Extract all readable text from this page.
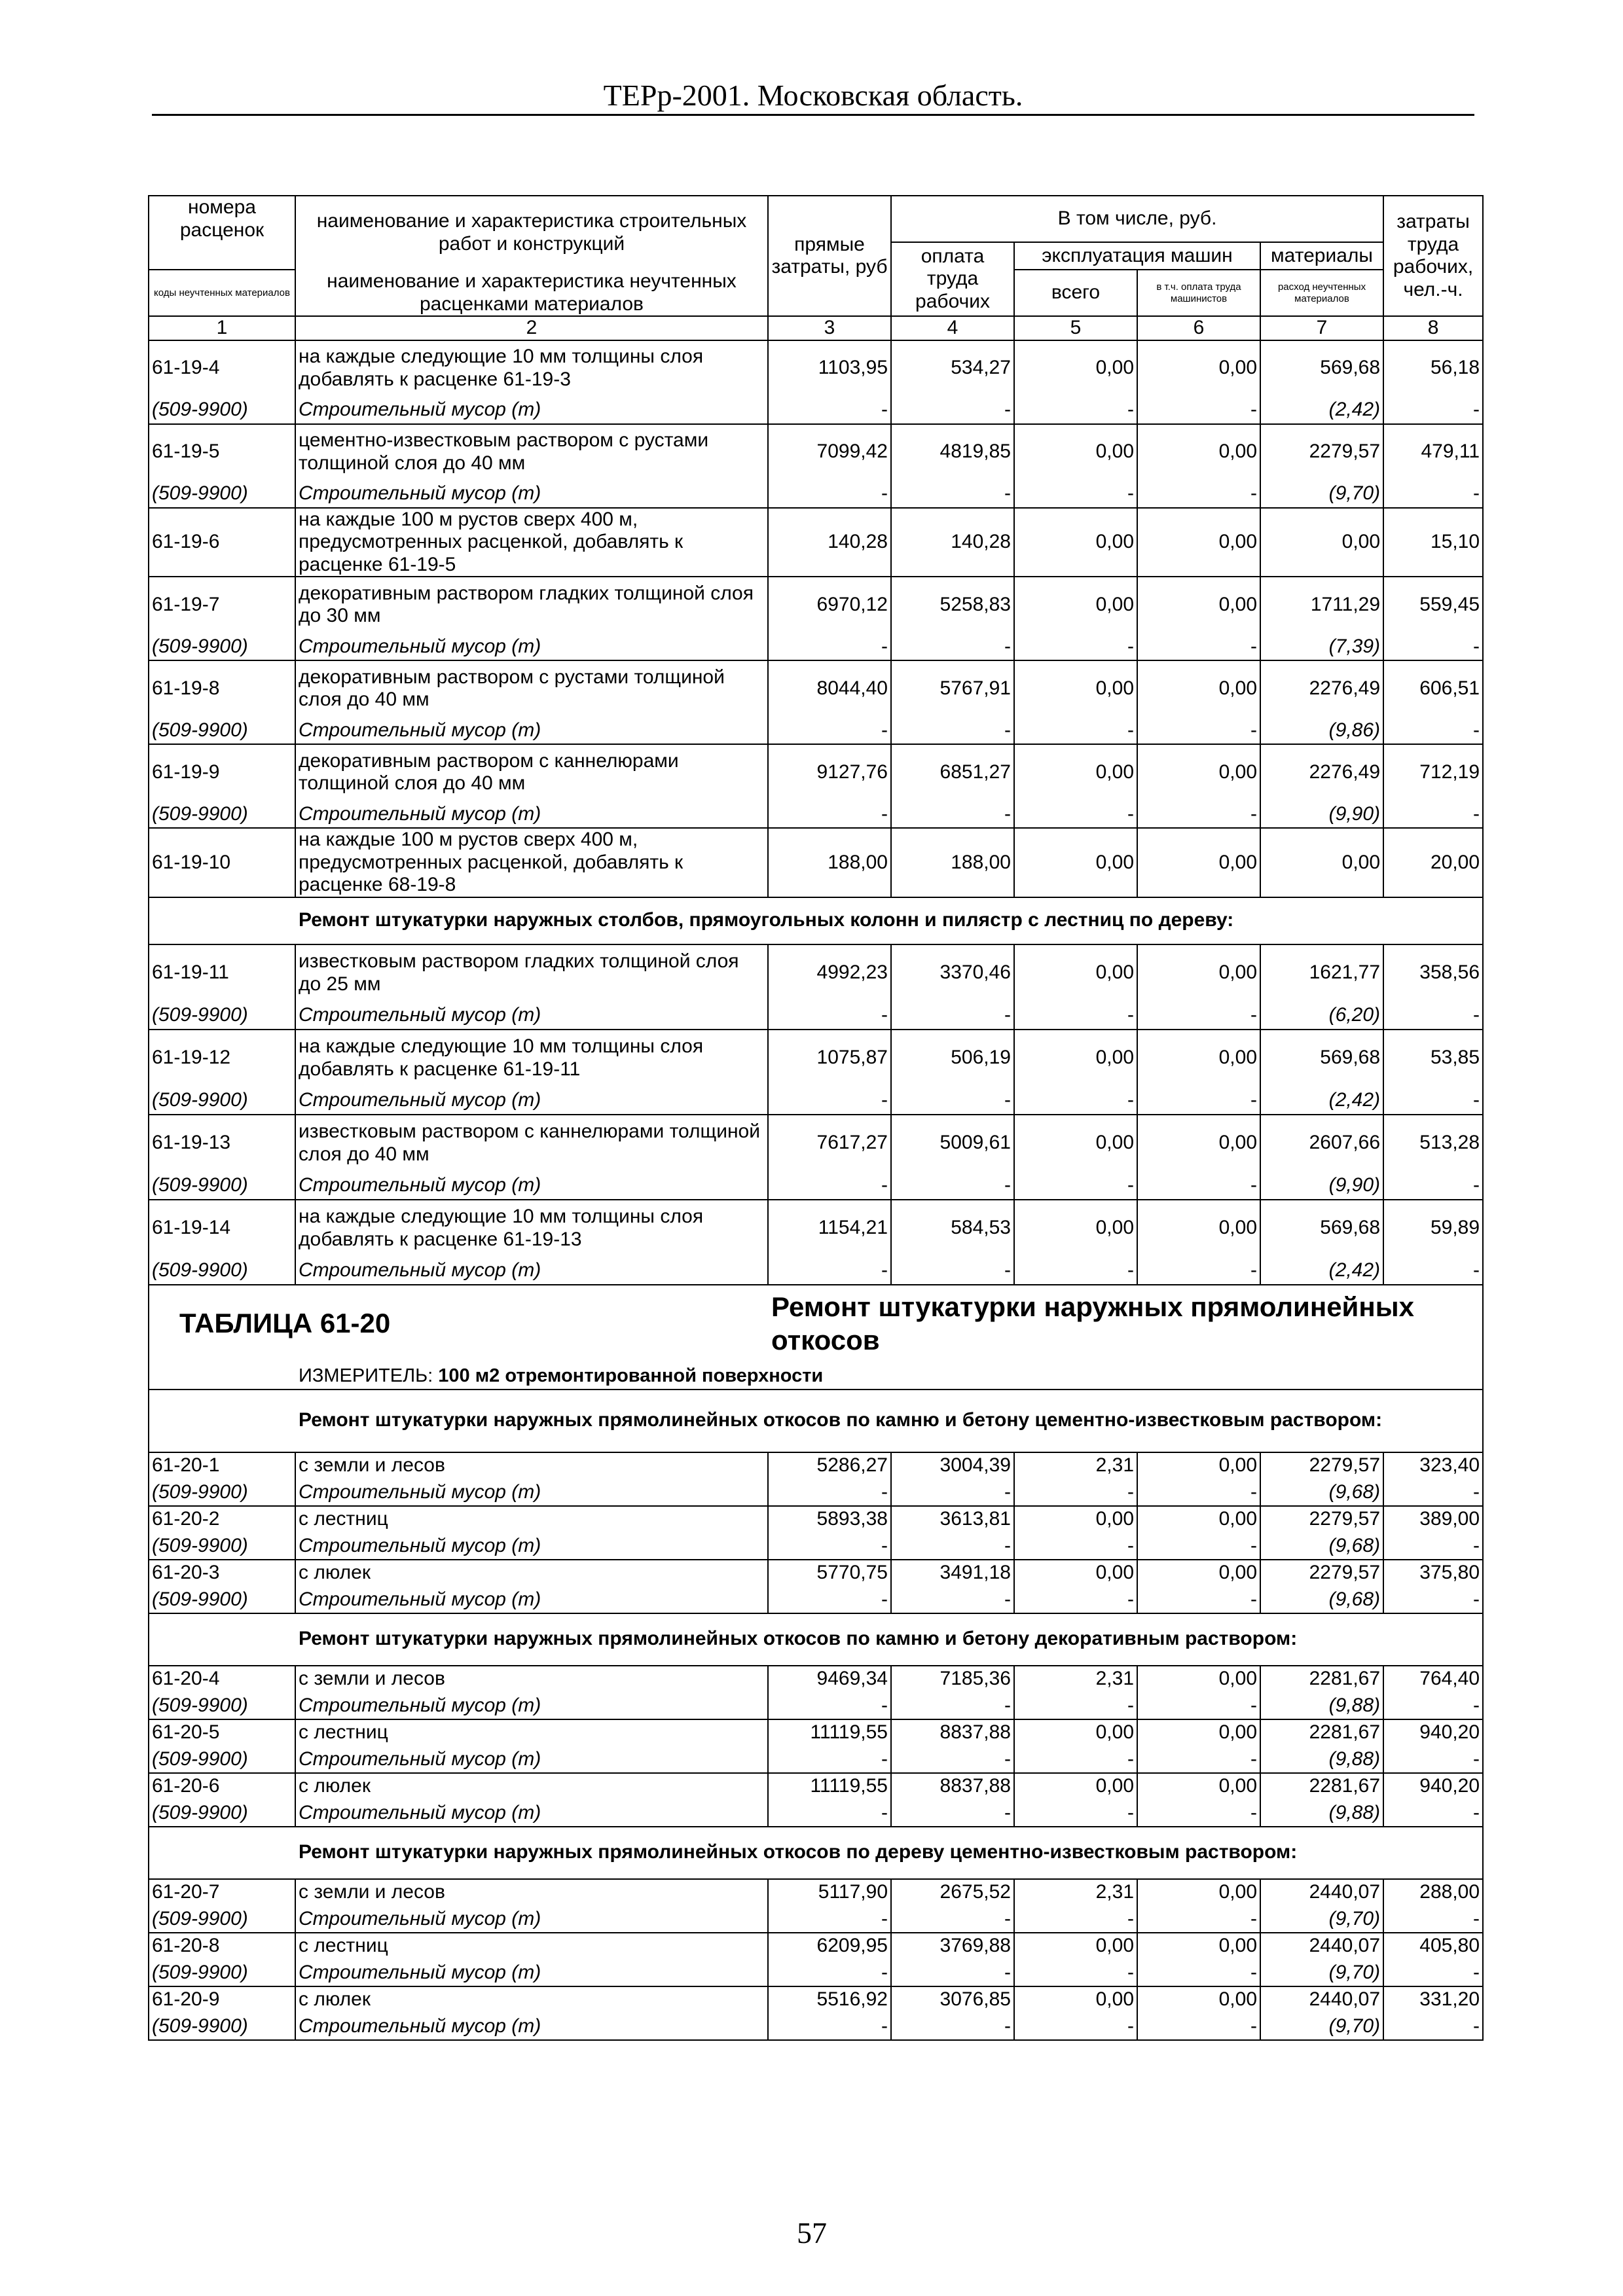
ТЕРр-2001. Московская область.
номера расценок	наименование и характеристика строительных работ и конструкций	прямые затраты, руб	В том числе, руб.				затраты труда рабочих, чел.-ч.
			оплата труда рабочих	эксплуатация машин		материалы	
коды неучтенных материалов	наименование и характеристика неучтенных расценками материалов			всего	в т.ч. оплата труда машинистов	расход неучтенных материалов	

1	2	3	4	5	6	7	8
61-19-4	на каждые следующие 10 мм толщины слоя добавлять к расценке 61-19-3	1103,95	534,27	0,00	0,00	569,68	56,18
(509-9900)	Строительный мусор (т)	-	-	-	-	(2,42)	-
61-19-5	цементно-известковым раствором с рустами толщиной слоя до 40 мм	7099,42	4819,85	0,00	0,00	2279,57	479,11
(509-9900)	Строительный мусор (т)	-	-	-	-	(9,70)	-
61-19-6	на каждые 100 м рустов сверх 400 м, предусмотренных расценкой, добавлять к расценке 61-19-5	140,28	140,28	0,00	0,00	0,00	15,10
61-19-7	декоративным раствором гладких толщиной слоя до 30 мм	6970,12	5258,83	0,00	0,00	1711,29	559,45
(509-9900)	Строительный мусор (т)	-	-	-	-	(7,39)	-
61-19-8	декоративным раствором с рустами толщиной слоя до 40 мм	8044,40	5767,91	0,00	0,00	2276,49	606,51
(509-9900)	Строительный мусор (т)	-	-	-	-	(9,86)	-
61-19-9	декоративным раствором с каннелюрами толщиной слоя до 40 мм	9127,76	6851,27	0,00	0,00	2276,49	712,19
(509-9900)	Строительный мусор (т)	-	-	-	-	(9,90)	-
61-19-10	на каждые 100 м рустов сверх 400 м, предусмотренных расценкой, добавлять к расценке 68-19-8	188,00	188,00	0,00	0,00	0,00	20,00
	Ремонт штукатурки наружных столбов, прямоугольных колонн и пилястр с лестниц по дереву:						
61-19-11	известковым раствором гладких толщиной слоя до 25 мм	4992,23	3370,46	0,00	0,00	1621,77	358,56
(509-9900)	Строительный мусор (т)	-	-	-	-	(6,20)	-
61-19-12	на каждые следующие 10 мм толщины слоя добавлять к расценке 61-19-11	1075,87	506,19	0,00	0,00	569,68	53,85
(509-9900)	Строительный мусор (т)	-	-	-	-	(2,42)	-
61-19-13	известковым раствором с каннелюрами толщиной слоя до 40 мм	7617,27	5009,61	0,00	0,00	2607,66	513,28
(509-9900)	Строительный мусор (т)	-	-	-	-	(9,90)	-
61-19-14	на каждые следующие 10 мм толщины слоя добавлять к расценке 61-19-13	1154,21	584,53	0,00	0,00	569,68	59,89
(509-9900)	Строительный мусор (т)	-	-	-	-	(2,42)	-
ТАБЛИЦА 61-20		Ремонт штукатурки наружных прямолинейных откосов					
	ИЗМЕРИТЕЛЬ: 100 м2 отремонтированной поверхности						
	Ремонт штукатурки наружных прямолинейных откосов по камню и бетону цементно-известковым раствором:						
61-20-1	с земли и лесов	5286,27	3004,39	2,31	0,00	2279,57	323,40
(509-9900)	Строительный мусор (т)	-	-	-	-	(9,68)	-
61-20-2	с лестниц	5893,38	3613,81	0,00	0,00	2279,57	389,00
(509-9900)	Строительный мусор (т)	-	-	-	-	(9,68)	-
61-20-3	с люлек	5770,75	3491,18	0,00	0,00	2279,57	375,80
(509-9900)	Строительный мусор (т)	-	-	-	-	(9,68)	-
	Ремонт штукатурки наружных прямолинейных откосов по камню и бетону декоративным раствором:						
61-20-4	с земли и лесов	9469,34	7185,36	2,31	0,00	2281,67	764,40
(509-9900)	Строительный мусор (т)	-	-	-	-	(9,88)	-
61-20-5	с лестниц	11119,55	8837,88	0,00	0,00	2281,67	940,20
(509-9900)	Строительный мусор (т)	-	-	-	-	(9,88)	-
61-20-6	с люлек	11119,55	8837,88	0,00	0,00	2281,67	940,20
(509-9900)	Строительный мусор (т)	-	-	-	-	(9,88)	-
	Ремонт штукатурки наружных прямолинейных откосов по дереву цементно-известковым раствором:						
61-20-7	с земли и лесов	5117,90	2675,52	2,31	0,00	2440,07	288,00
(509-9900)	Строительный мусор (т)	-	-	-	-	(9,70)	-
61-20-8	с лестниц	6209,95	3769,88	0,00	0,00	2440,07	405,80
(509-9900)	Строительный мусор (т)	-	-	-	-	(9,70)	-
61-20-9	с люлек	5516,92	3076,85	0,00	0,00	2440,07	331,20
(509-9900)	Строительный мусор (т)	-	-	-	-	(9,70)	-
57
